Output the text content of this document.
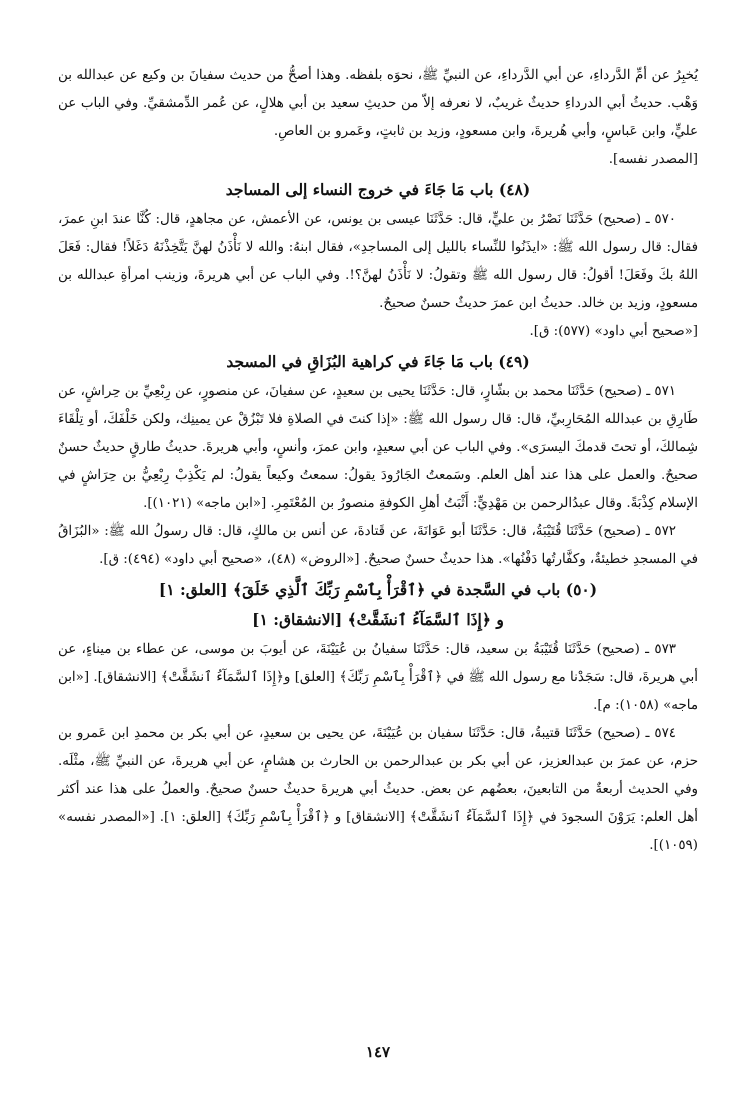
يُخبِرُ عن أمِّ الدَّرداءِ، عن أبي الدَّرداءِ، عن النبيِّ ﷺ، نحوَه بلفظه. وهذا أصحُّ من حديث سفيانَ بن وكيع عن عبدالله بن وَهْب. حديثُ أبي الدرداءِ حديثٌ غريبٌ، لا نعرفه إلاّ من حديثِ سعيد بن أبي هلالٍ، عن عُمر الدِّمشقيِّ. وفي الباب عن عليٍّ، وابن عَباسٍ، وأبي هُريرةَ، وابن مسعودٍ، وزيد بن ثابتٍ، وعَمرو بن العاصِ.

[المصدر نفسه].

(٤٨) باب مَا جَاءَ في خروج النساء إلى المساجد

٥٧٠ ـ (صحيح) حَدَّثَنَا نَصْرُ بن عليٍّ، قال: حَدَّثَنَا عيسى بن يونس، عن الأعمش، عن مجاهدٍ، قال: كُنَّا عندَ ابنِ عمرَ، فقال: قال رسول الله ﷺ: «ايذَنُوا للنِّساء بالليل إلى المساجدِ»، فقال ابنهُ: والله لا نَأْذَنُ لهنَّ يَتَّخِذْنَهُ دَغَلاً! فقال: فَعَلَ اللهُ بكَ وفَعَلَ! أقولُ: قال رسول الله ﷺ وتقولُ: لا نَأْذَنُ لهنَّ؟!. وفي الباب عن أبي هريرةَ، وزينب امرأةِ عبدالله بن مسعودٍ، وزيد بن خالد. حديثُ ابن عمرَ حديثٌ حسنٌ صحيحٌ.

[«صحيح أبي داود» (٥٧٧): ق].

(٤٩) باب مَا جَاءَ في كراهية البُزَاقِ في المسجد

٥٧١ ـ (صحيح) حَدَّثَنَا محمد بن بشّارٍ، قال: حَدَّثَنَا يحيى بن سعيدٍ، عن سفيانَ، عن منصورٍ، عن رِبْعِيِّ بن حِراشٍ، عن طَارِقِ بن عبدالله المُحَارِبيِّ، قال: قال رسول الله ﷺ: «إذا كنتَ في الصلاةِ فلا تَبْزُقْ عن يمينِك، ولكن خَلْفَكَ، أو تِلْقَاءَ شِمالكَ، أو تحتَ قدمكَ اليسرَى». وفي الباب عن أبي سعيدٍ، وابن عمرَ، وأنسٍ، وأبي هريرةَ. حديثُ طارقٍ حديثٌ حسنٌ صحيحٌ. والعمل على هذا عند أهل العلم. وسَمعتُ الجَارُودَ يقولُ: سمعتُ وكيعاً يقولُ: لم يَكْذِبْ رِبْعِيُّ بن حِرَاشٍ في الإسلام كِذْبَةً. وقال عبدُالرحمن بن مَهْدِيٍّ: أَثْبَتُ أهلِ الكوفةِ منصورُ بن المُعْتَمِرِ. [«ابن ماجه» (١٠٢١)].

٥٧٢ ـ (صحيح) حَدَّثَنَا قُتَيْبَةُ، قال: حَدَّثَنَا أبو عَوَانَةَ، عن قَتادةَ، عن أنس بن مالكٍ، قال: قال رسولُ الله ﷺ: «البُزَاقُ في المسجدِ خطيئةٌ، وكفَّارتُها دَفْنُها». هذا حديثٌ حسنٌ صحيحٌ. [«الروض» (٤٨)، «صحيح أبي داود» (٤٩٤): ق].

(٥٠) باب في السَّجدة في ﴿ٱقْرَأْ بِٱسْمِ رَبِّكَ ٱلَّذِي خَلَقَ﴾ [العلق: ١]
و ﴿إِذَا ٱلسَّمَآءُ ٱنشَقَّتْ﴾ [الانشقاق: ١]

٥٧٣ ـ (صحيح) حَدَّثَنَا قُتَيْبَةُ بن سعيد، قال: حَدَّثَنَا سفيانُ بن عُيَيْنَةَ، عن أيوبَ بن موسى، عن عطاء بن ميناءٍ، عن أبي هريرةَ، قال: سَجَدْنا مع رسول الله ﷺ في ﴿ٱقْرَأْ بِٱسْمِ رَبِّكَ﴾ [العلق] و﴿إِذَا ٱلسَّمَآءُ ٱنشَقَّتْ﴾ [الانشقاق]. [«ابن ماجه» (١٠٥٨): م].

٥٧٤ ـ (صحيح) حَدَّثَنَا قتيبةُ، قال: حَدَّثَنَا سفيان بن عُيَيْنَةَ، عن يحيى بن سعيدٍ، عن أبي بكر بن محمدِ ابن عَمرو بن حزم، عن عمرَ بن عبدالعزيز، عن أبي بكر بن عبدالرحمن بن الحارث بن هشامٍ، عن أبي هريرةَ، عن النبيِّ ﷺ، مثْلَه. وفي الحديث أربعةٌ من التابعينَ، بعضُهم عن بعض. حديثُ أبي هريرةَ حديثٌ حسنٌ صحيحٌ. والعملُ على هذا عند أكثر أهل العلم: يَرَوْنَ السجودَ في ﴿إِذَا ٱلسَّمَآءُ ٱنشَقَّتْ﴾ [الانشقاق] و ﴿ٱقْرَأْ بِٱسْمِ رَبِّكَ﴾ [العلق: ١]. [«المصدر نفسه» (١٠٥٩)].

١٤٧
